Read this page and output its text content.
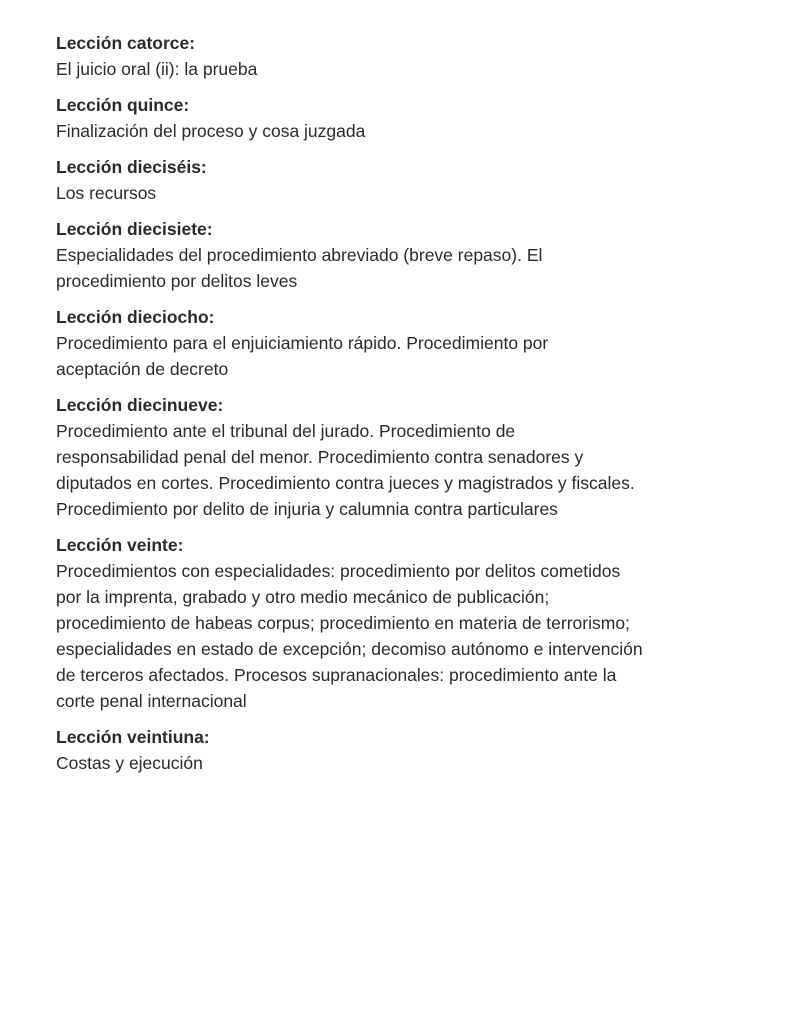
Lección catorce:
El juicio oral (ii): la prueba
Lección quince:
Finalización del proceso y cosa juzgada
Lección dieciséis:
Los recursos
Lección diecisiete:
Especialidades del procedimiento abreviado (breve repaso). El
procedimiento por delitos leves
Lección dieciocho:
Procedimiento para el enjuiciamiento rápido. Procedimiento por
aceptación de decreto
Lección diecinueve:
Procedimiento ante el tribunal del jurado. Procedimiento de
responsabilidad penal del menor. Procedimiento contra senadores y
diputados en cortes. Procedimiento contra jueces y magistrados y fiscales.
Procedimiento por delito de injuria y calumnia contra particulares
Lección veinte:
Procedimientos con especialidades: procedimiento por delitos cometidos
por la imprenta, grabado y otro medio mecánico de publicación;
procedimiento de habeas corpus; procedimiento en materia de terrorismo;
especialidades en estado de excepción; decomiso autónomo e intervención
de terceros afectados. Procesos supranacionales: procedimiento ante la
corte penal internacional
Lección veintiuna:
Costas y ejecución
